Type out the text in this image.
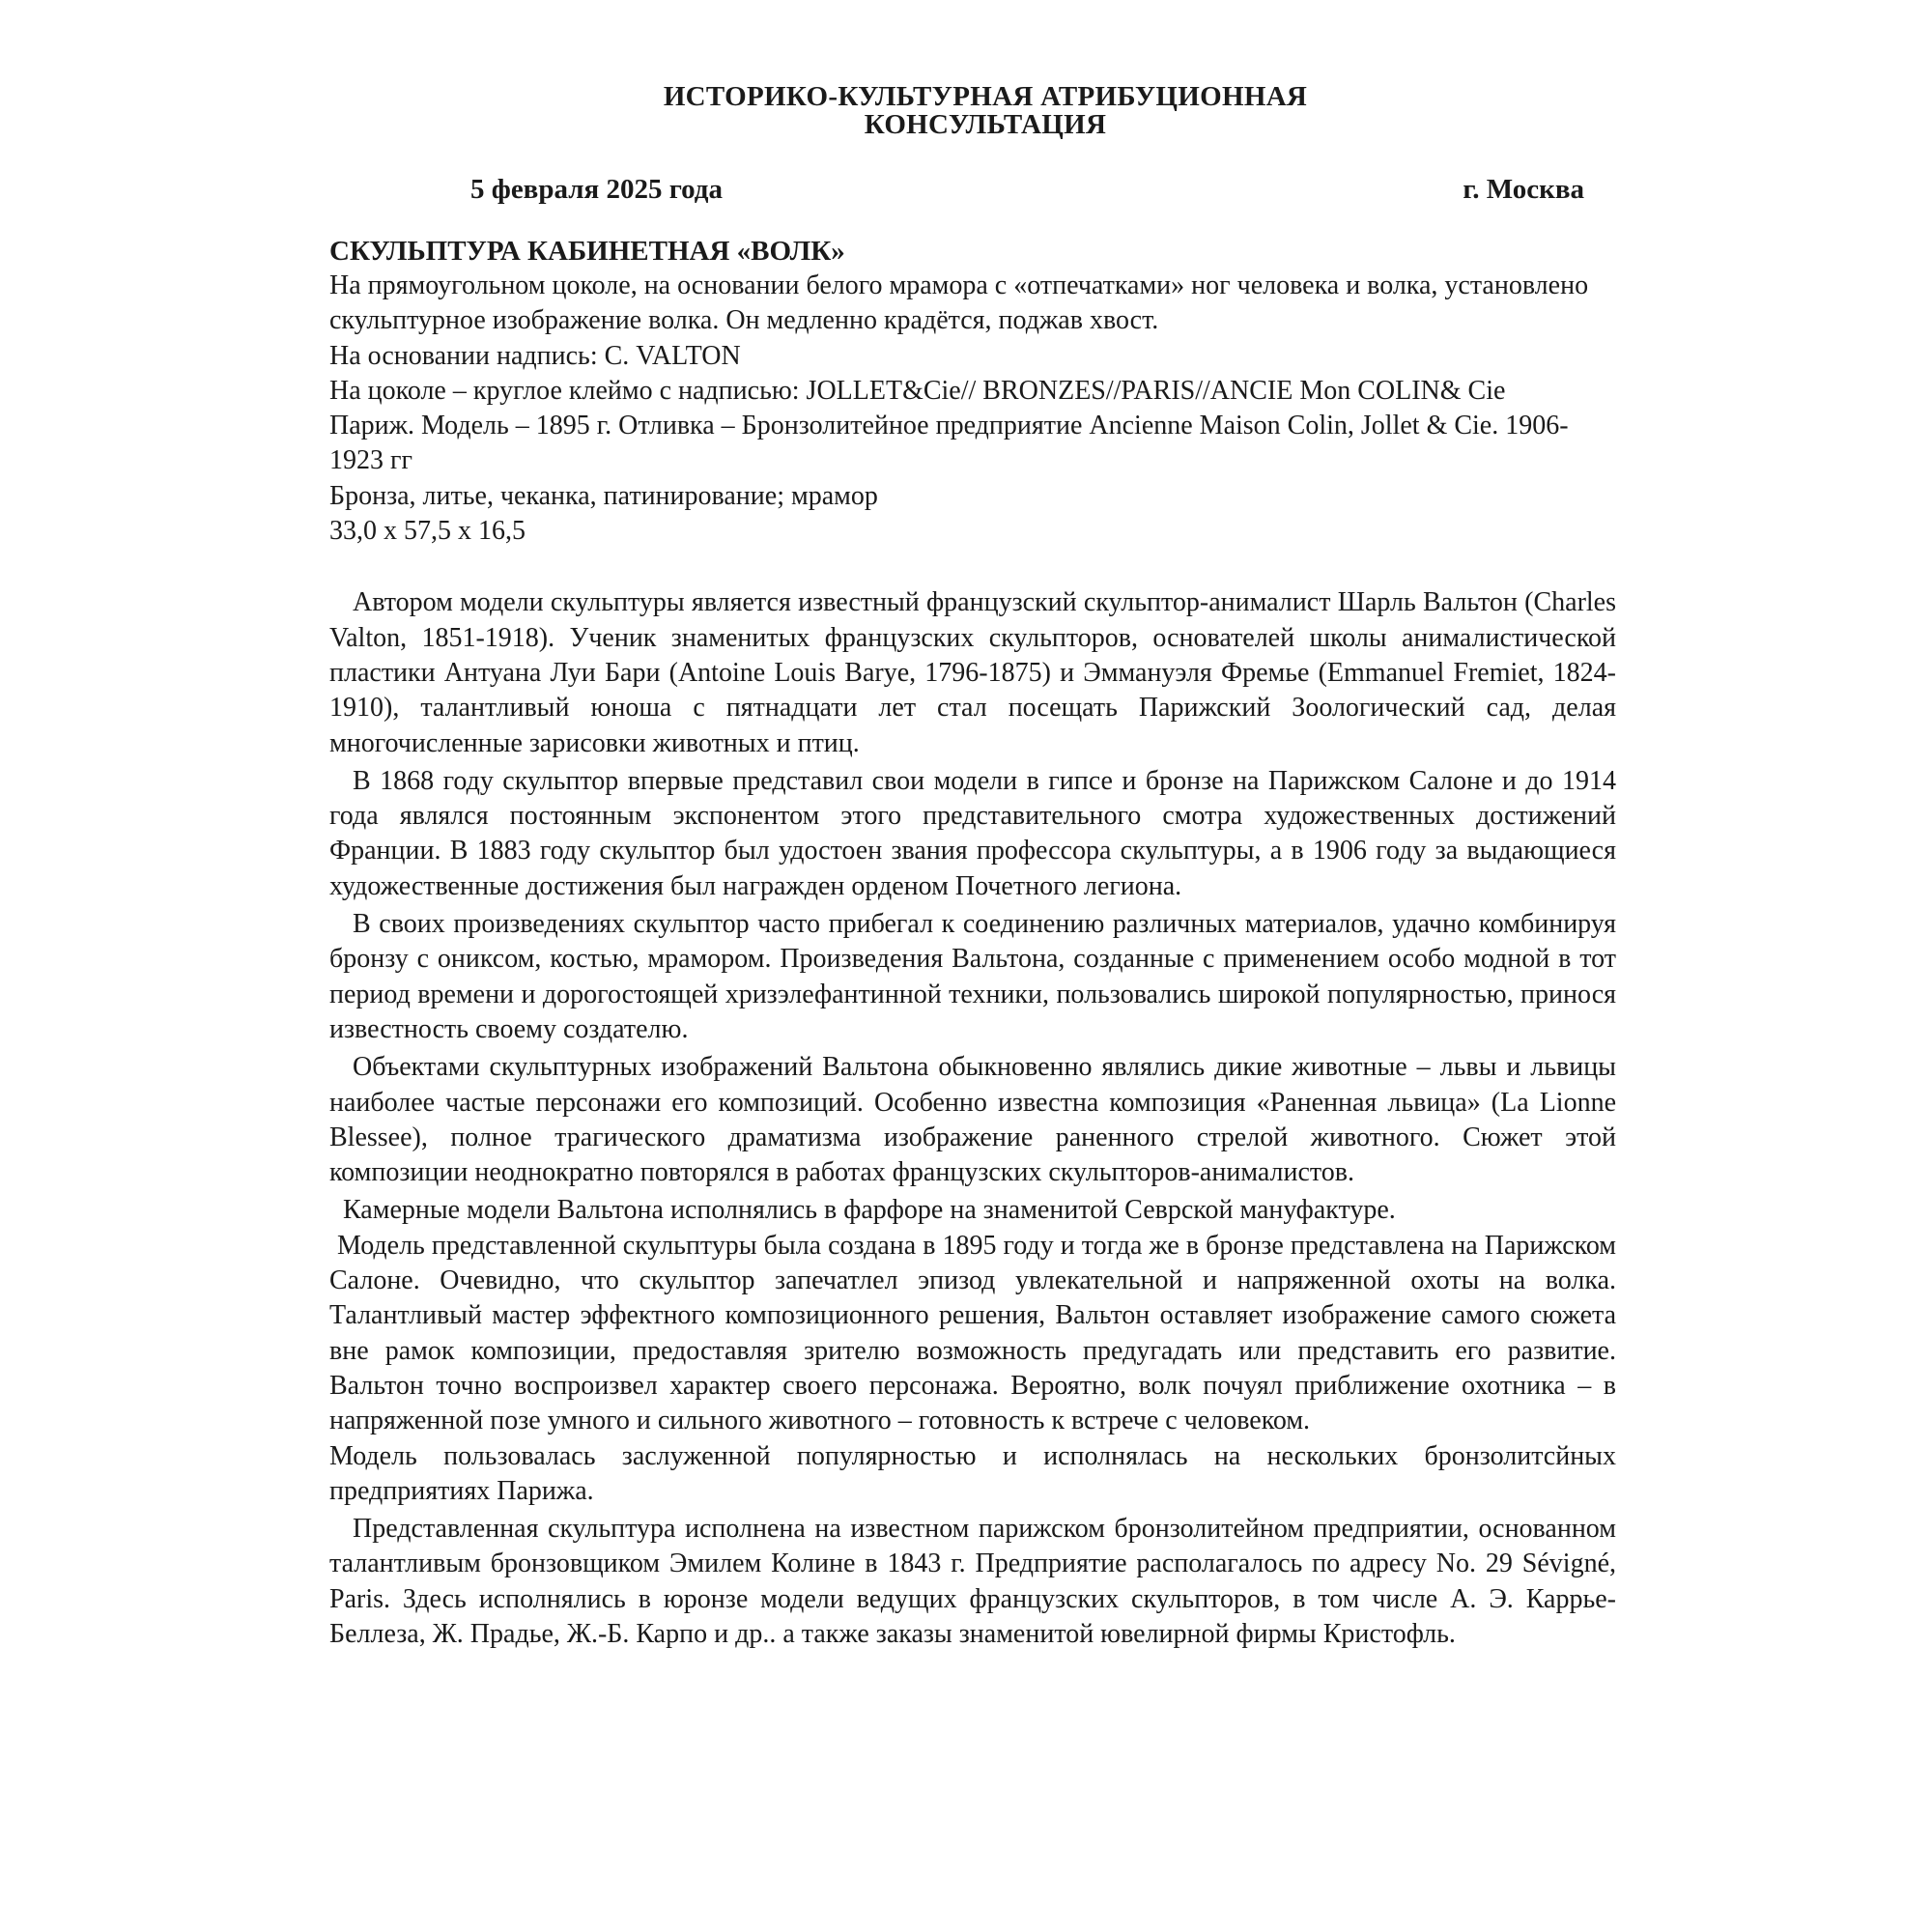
ИСТОРИКО-КУЛЬТУРНАЯ АТРИБУЦИОННАЯ
КОНСУЛЬТАЦИЯ
5 февраля 2025 года	г. Москва

СКУЛЬПТУРА КАБИНЕТНАЯ «ВОЛК»

На прямоугольном цоколе, на основании белого мрамора с «отпечатками» ног человека и волка, установлено скульптурное изображение волка. Он медленно крадётся, поджав хвост.

На основании надпись: С. VALTON

На цоколе – круглое клеймо с надписью: JOLLET&Cie// BRONZES//PARIS//ANCIE Mon COLIN& Cie

Париж. Модель – 1895 г. Отливка – Бронзолитейное предприятие Ancienne Maison Colin, Jollet & Cie. 1906-1923 гг

Бронза, литье, чеканка, патинирование; мрамор

33,0 х 57,5 х 16,5

Автором модели скульптуры является известный французский скульптор-анималист Шарль Вальтон (Charles Valton, 1851-1918). Ученик знаменитых французских скульпторов, основателей школы анималистической пластики Антуана Луи Бари (Antoine Louis Barye, 1796-1875) и Эммануэля Фремье (Emmanuel Fremiet, 1824-1910), талантливый юноша с пятнадцати лет стал посещать Парижский Зоологический сад, делая многочисленные зарисовки животных и птиц.

В 1868 году скульптор впервые представил свои модели в гипсе и бронзе на Парижском Салоне и до 1914 года являлся постоянным экспонентом этого представительного смотра художественных достижений Франции. В 1883 году скульптор был удостоен звания профессора скульптуры, а в 1906 году за выдающиеся художественные достижения был награжден орденом Почетного легиона.

В своих произведениях скульптор часто прибегал к соединению различных материалов, удачно комбинируя бронзу с ониксом, костью, мрамором. Произведения Вальтона, созданные с применением особо модной в тот период времени и дорогостоящей хризэлефантинной техники, пользовались широкой популярностью, принося известность своему создателю.

Объектами скульптурных изображений Вальтона обыкновенно являлись дикие животные – львы и львицы наиболее частые персонажи его композиций. Особенно известна композиция «Раненная львица» (La Lionne Blessee), полное трагического драматизма изображение раненного стрелой животного. Сюжет этой композиции неоднократно повторялся в работах французских скульпторов-анималистов.

Камерные модели Вальтона исполнялись в фарфоре на знаменитой Севрской мануфактуре.

Модель представленной скульптуры была создана в 1895 году и тогда же в бронзе представлена на Парижском Салоне. Очевидно, что скульптор запечатлел эпизод увлекательной и напряженной охоты на волка. Талантливый мастер эффектного композиционного решения, Вальтон оставляет изображение самого сюжета вне рамок композиции, предоставляя зрителю возможность предугадать или представить его развитие. Вальтон точно воспроизвел характер своего персонажа. Вероятно, волк почуял приближение охотника – в напряженной позе умного и сильного животного – готовность к встрече с человеком.

Модель пользовалась заслуженной популярностью и исполнялась на нескольких бронзолитсйных предприятиях Парижа.

Представленная скульптура исполнена на известном парижском бронзолитейном предприятии, основанном талантливым бронзовщиком Эмилем Колине в 1843 г. Предприятие располагалось по адресу No. 29 Sévigné, Paris. Здесь исполнялись в юронзе модели ведущих французских скульпторов, в том числе А. Э. Каррье-Беллеза, Ж. Прадье, Ж.-Б. Карпо и др.. а также заказы знаменитой ювелирной фирмы Кристофль.
